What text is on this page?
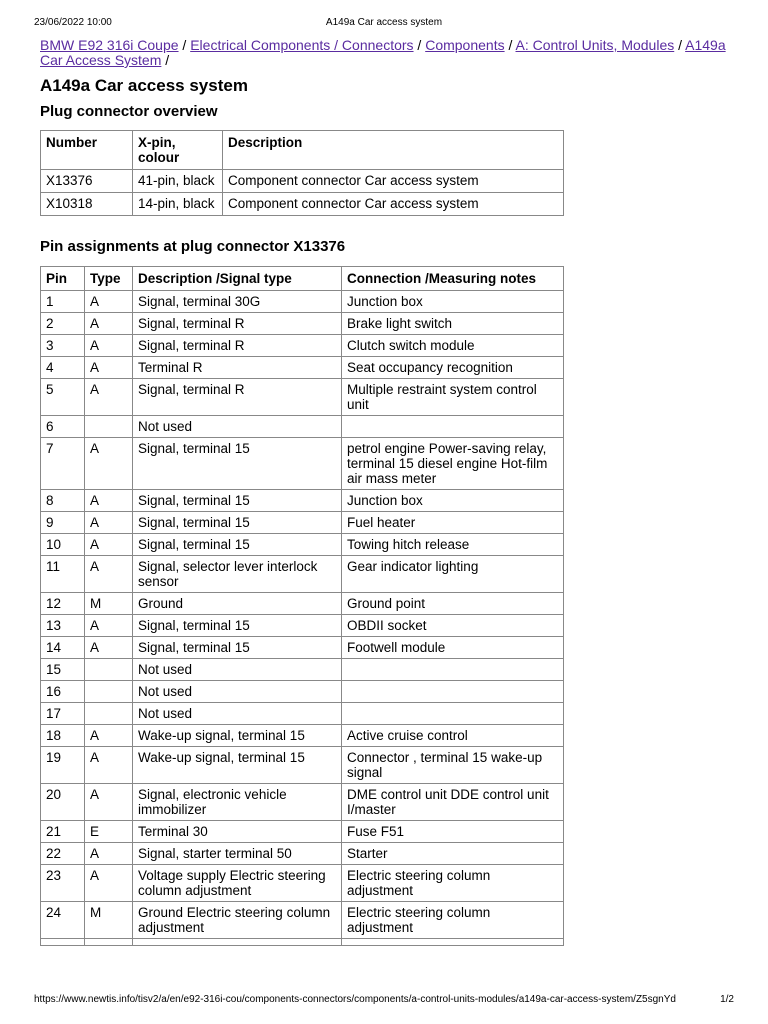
23/06/2022 10:00	A149a Car access system
BMW E92 316i Coupe / Electrical Components / Connectors / Components / A: Control Units, Modules / A149a Car Access System /
A149a Car access system
Plug connector overview
Number	X-pin, colour	Description
X13376	41-pin, black	Component connector Car access system
X10318	14-pin, black	Component connector Car access system
Pin assignments at plug connector X13376
Pin	Type	Description /Signal type	Connection /Measuring notes
1	A	Signal, terminal 30G	Junction box
2	A	Signal, terminal R	Brake light switch
3	A	Signal, terminal R	Clutch switch module
4	A	Terminal R	Seat occupancy recognition
5	A	Signal, terminal R	Multiple restraint system control unit
6		Not used	
7	A	Signal, terminal 15	petrol engine Power-saving relay, terminal 15 diesel engine Hot-film air mass meter
8	A	Signal, terminal 15	Junction box
9	A	Signal, terminal 15	Fuel heater
10	A	Signal, terminal 15	Towing hitch release
11	A	Signal, selector lever interlock sensor	Gear indicator lighting
12	M	Ground	Ground point
13	A	Signal, terminal 15	OBDII socket
14	A	Signal, terminal 15	Footwell module
15		Not used	
16		Not used	
17		Not used	
18	A	Wake-up signal, terminal 15	Active cruise control
19	A	Wake-up signal, terminal 15	Connector , terminal 15 wake-up signal
20	A	Signal, electronic vehicle immobilizer	DME control unit DDE control unit I/master
21	E	Terminal 30	Fuse F51
22	A	Signal, starter terminal 50	Starter
23	A	Voltage supply Electric steering column adjustment	Electric steering column adjustment
24	M	Ground Electric steering column adjustment	Electric steering column adjustment

https://www.newtis.info/tisv2/a/en/e92-316i-cou/components-connectors/components/a-control-units-modules/a149a-car-access-system/Z5sgnYd	1/2
